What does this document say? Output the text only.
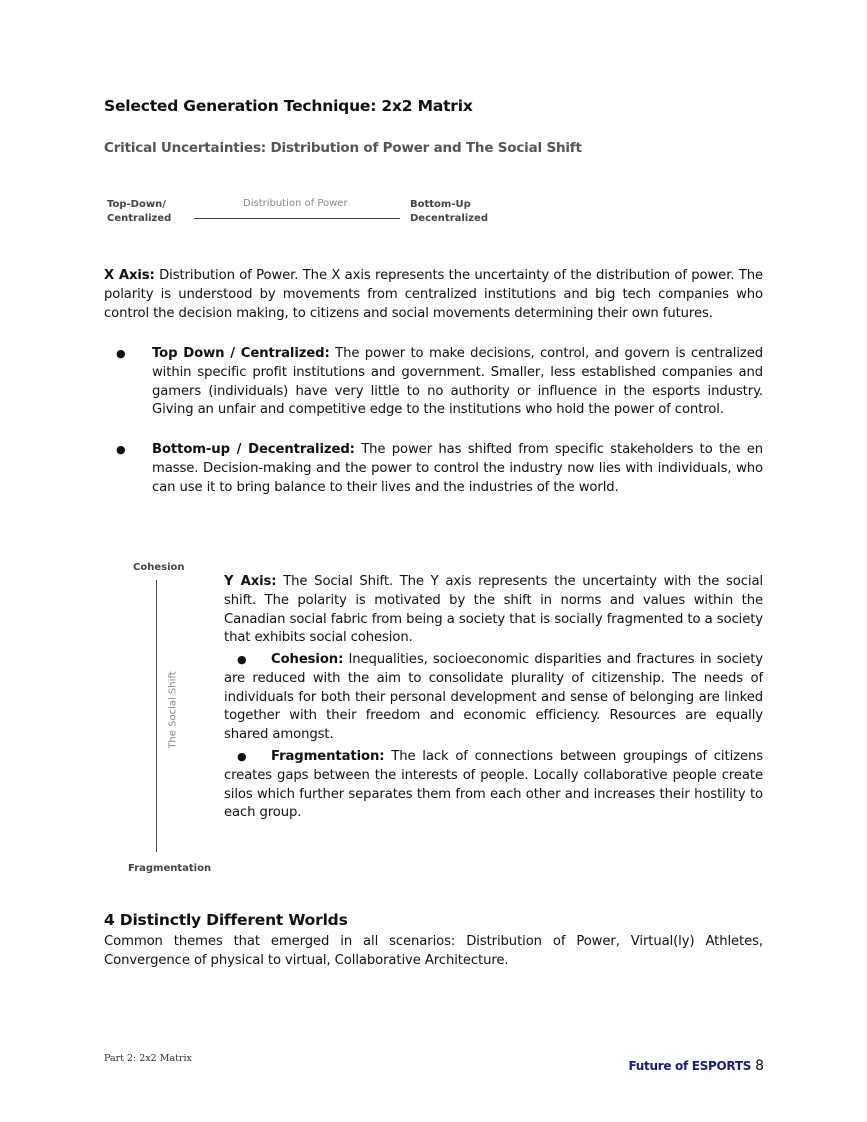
Selected Generation Technique: 2x2 Matrix
Critical Uncertainties: Distribution of Power and The Social Shift
Top-Down/
Centralized
Distribution of Power	Bottom-Up
Decentralized
X Axis: Distribution of Power. The X axis represents the uncertainty of the distribution of power. The polarity is understood by movements from centralized institutions and big tech companies who control the decision making, to citizens and social movements determining their own futures.
● Top Down / Centralized: The power to make decisions, control, and govern is centralized within specific profit institutions and government. Smaller, less established companies and gamers (individuals) have very little to no authority or influence in the esports industry. Giving an unfair and competitive edge to the institutions who hold the power of control.
● Bottom-up / Decentralized: The power has shifted from specific stakeholders to the en masse. Decision-making and the power to control the industry now lies with individuals, who can use it to bring balance to their lives and the industries of the world.
Cohesion
The Social Shift
Fragmentation
Y Axis: The Social Shift. The Y axis represents the uncertainty with the social shift. The polarity is motivated by the shift in norms and values within the Canadian social fabric from being a society that is socially fragmented to a society that exhibits social cohesion.
●	Cohesion: Inequalities, socioeconomic disparities and fractures in society are reduced with the aim to consolidate plurality of citizenship. The needs of individuals for both their personal development and sense of belonging are linked together with their freedom and economic efficiency. Resources are equally shared amongst.
●	Fragmentation: The lack of connections between groupings of citizens creates gaps between the interests of people. Locally collaborative people create silos which further separates them from each other and increases their hostility to each group.
4 Distinctly Different Worlds
Common themes that emerged in all scenarios: Distribution of Power, Virtual(ly) Athletes, Convergence of physical to virtual, Collaborative Architecture.
Part 2: 2x2 Matrix
Future of ESPORTS 8
